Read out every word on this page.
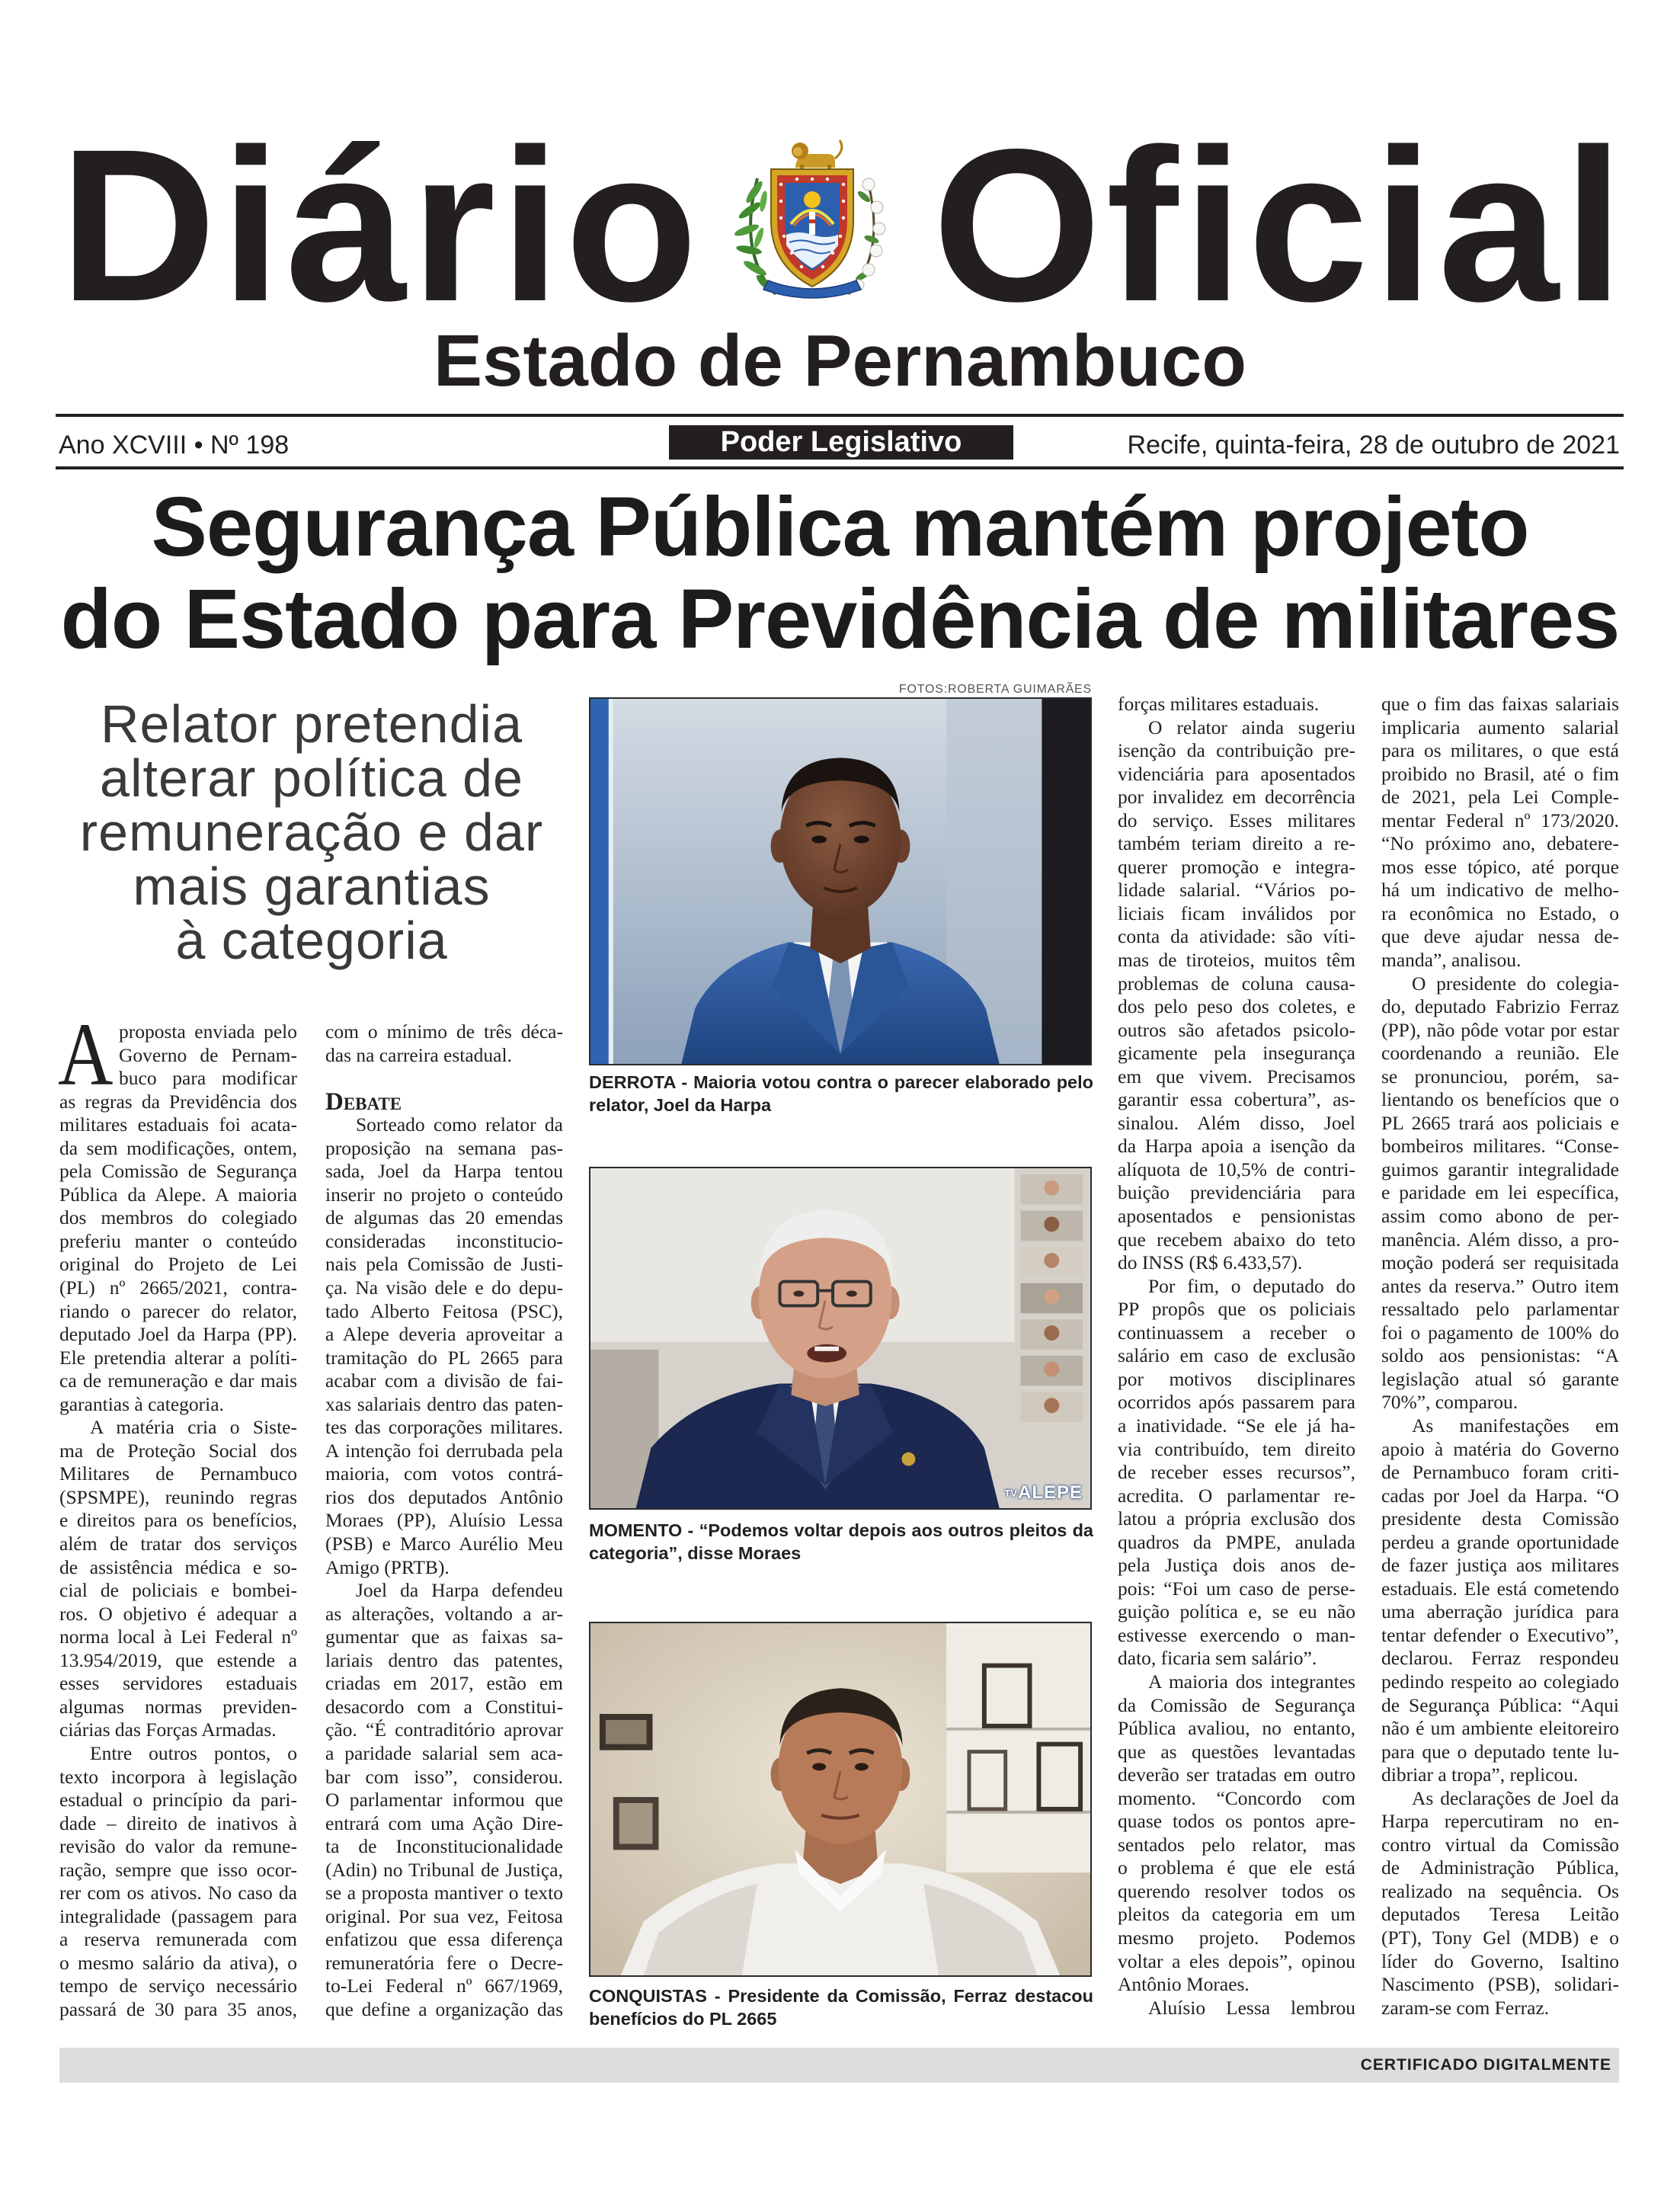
Diário Oficial
Estado de Pernambuco
Ano XCVIII • Nº 198	Poder Legislativo	Recife, quinta-feira, 28 de outubro de 2021
Segurança Pública mantém projeto
do Estado para Previdência de militares
Relator pretendia
alterar política de
remuneração e dar
mais garantias
à categoria
A proposta enviada pelo
Governo de Pernam-
buco para modificar
as regras da Previdência dos
militares estaduais foi acata-
da sem modificações, ontem,
pela Comissão de Segurança
Pública da Alepe. A maioria
dos membros do colegiado
preferiu manter o conteúdo
original do Projeto de Lei
(PL) nº 2665/2021, contra-
riando o parecer do relator,
deputado Joel da Harpa (PP).
Ele pretendia alterar a políti-
ca de remuneração e dar mais
garantias à categoria.
A matéria cria o Siste-
ma de Proteção Social dos
Militares de Pernambuco
(SPSMPE), reunindo regras
e direitos para os benefícios,
além de tratar dos serviços
de assistência médica e so-
cial de policiais e bombei-
ros. O objetivo é adequar a
norma local à Lei Federal nº
13.954/2019, que estende a
esses servidores estaduais
algumas normas previden-
ciárias das Forças Armadas.
Entre outros pontos, o
texto incorpora à legislação
estadual o princípio da pari-
dade – direito de inativos à
revisão do valor da remune-
ração, sempre que isso ocor-
rer com os ativos. No caso da
integralidade (passagem para
a reserva remunerada com
o mesmo salário da ativa), o
tempo de serviço necessário
passará de 30 para 35 anos,
com o mínimo de três déca-
das na carreira estadual.
Debate
Sorteado como relator da
proposição na semana pas-
sada, Joel da Harpa tentou
inserir no projeto o conteúdo
de algumas das 20 emendas
consideradas inconstitucio-
nais pela Comissão de Justi-
ça. Na visão dele e do depu-
tado Alberto Feitosa (PSC),
a Alepe deveria aproveitar a
tramitação do PL 2665 para
acabar com a divisão de fai-
xas salariais dentro das paten-
tes das corporações militares.
A intenção foi derrubada pela
maioria, com votos contrá-
rios dos deputados Antônio
Moraes (PP), Aluísio Lessa
(PSB) e Marco Aurélio Meu
Amigo (PRTB).
Joel da Harpa defendeu
as alterações, voltando a ar-
gumentar que as faixas sa-
lariais dentro das patentes,
criadas em 2017, estão em
desacordo com a Constitui-
ção. “É contraditório aprovar
a paridade salarial sem aca-
bar com isso”, considerou.
O parlamentar informou que
entrará com uma Ação Dire-
ta de Inconstitucionalidade
(Adin) no Tribunal de Justiça,
se a proposta mantiver o texto
original. Por sua vez, Feitosa
enfatizou que essa diferença
remuneratória fere o Decre-
to-Lei Federal nº 667/1969,
que define a organização das
forças militares estaduais.
O relator ainda sugeriu
isenção da contribuição pre-
videnciária para aposentados
por invalidez em decorrência
do serviço. Esses militares
também teriam direito a re-
querer promoção e integra-
lidade salarial. “Vários po-
liciais ficam inválidos por
conta da atividade: são víti-
mas de tiroteios, muitos têm
problemas de coluna causa-
dos pelo peso dos coletes, e
outros são afetados psicolo-
gicamente pela insegurança
em que vivem. Precisamos
garantir essa cobertura”, as-
sinalou. Além disso, Joel
da Harpa apoia a isenção da
alíquota de 10,5% de contri-
buição previdenciária para
aposentados e pensionistas
que recebem abaixo do teto
do INSS (R$ 6.433,57).
Por fim, o deputado do
PP propôs que os policiais
continuassem a receber o
salário em caso de exclusão
por motivos disciplinares
ocorridos após passarem para
a inatividade. “Se ele já ha-
via contribuído, tem direito
de receber esses recursos”,
acredita. O parlamentar re-
latou a própria exclusão dos
quadros da PMPE, anulada
pela Justiça dois anos de-
pois: “Foi um caso de perse-
guição política e, se eu não
estivesse exercendo o man-
dato, ficaria sem salário”.
A maioria dos integrantes
da Comissão de Segurança
Pública avaliou, no entanto,
que as questões levantadas
deverão ser tratadas em outro
momento. “Concordo com
quase todos os pontos apre-
sentados pelo relator, mas
o problema é que ele está
querendo resolver todos os
pleitos da categoria em um
mesmo projeto. Podemos
voltar a eles depois”, opinou
Antônio Moraes.
Aluísio Lessa lembrou
que o fim das faixas salariais
implicaria aumento salarial
para os militares, o que está
proibido no Brasil, até o fim
de 2021, pela Lei Comple-
mentar Federal nº 173/2020.
“No próximo ano, debatere-
mos esse tópico, até porque
há um indicativo de melho-
ra econômica no Estado, o
que deve ajudar nessa de-
manda”, analisou.
O presidente do colegia-
do, deputado Fabrizio Ferraz
(PP), não pôde votar por estar
coordenando a reunião. Ele
se pronunciou, porém, sa-
lientando os benefícios que o
PL 2665 trará aos policiais e
bombeiros militares. “Conse-
guimos garantir integralidade
e paridade em lei específica,
assim como abono de per-
manência. Além disso, a pro-
moção poderá ser requisitada
antes da reserva.” Outro item
ressaltado pelo parlamentar
foi o pagamento de 100% do
soldo aos pensionistas: “A
legislação atual só garante
70%”, comparou.
As manifestações em
apoio à matéria do Governo
de Pernambuco foram criti-
cadas por Joel da Harpa. “O
presidente desta Comissão
perdeu a grande oportunidade
de fazer justiça aos militares
estaduais. Ele está cometendo
uma aberração jurídica para
tentar defender o Executivo”,
declarou. Ferraz respondeu
pedindo respeito ao colegiado
de Segurança Pública: “Aqui
não é um ambiente eleitoreiro
para que o deputado tente lu-
dibriar a tropa”, replicou.
As declarações de Joel da
Harpa repercutiram no en-
contro virtual da Comissão
de Administração Pública,
realizado na sequência. Os
deputados Teresa Leitão
(PT), Tony Gel (MDB) e o
líder do Governo, Isaltino
Nascimento (PSB), solidari-
zaram-se com Ferraz.
FOTOS:ROBERTA GUIMARÃES
DERROTA - Maioria votou contra o parecer elaborado pelo
relator, Joel da Harpa
TVALEPE
MOMENTO - “Podemos voltar depois aos outros pleitos da
categoria”, disse Moraes
CONQUISTAS - Presidente da Comissão, Ferraz destacou
benefícios do PL 2665
CERTIFICADO DIGITALMENTE
